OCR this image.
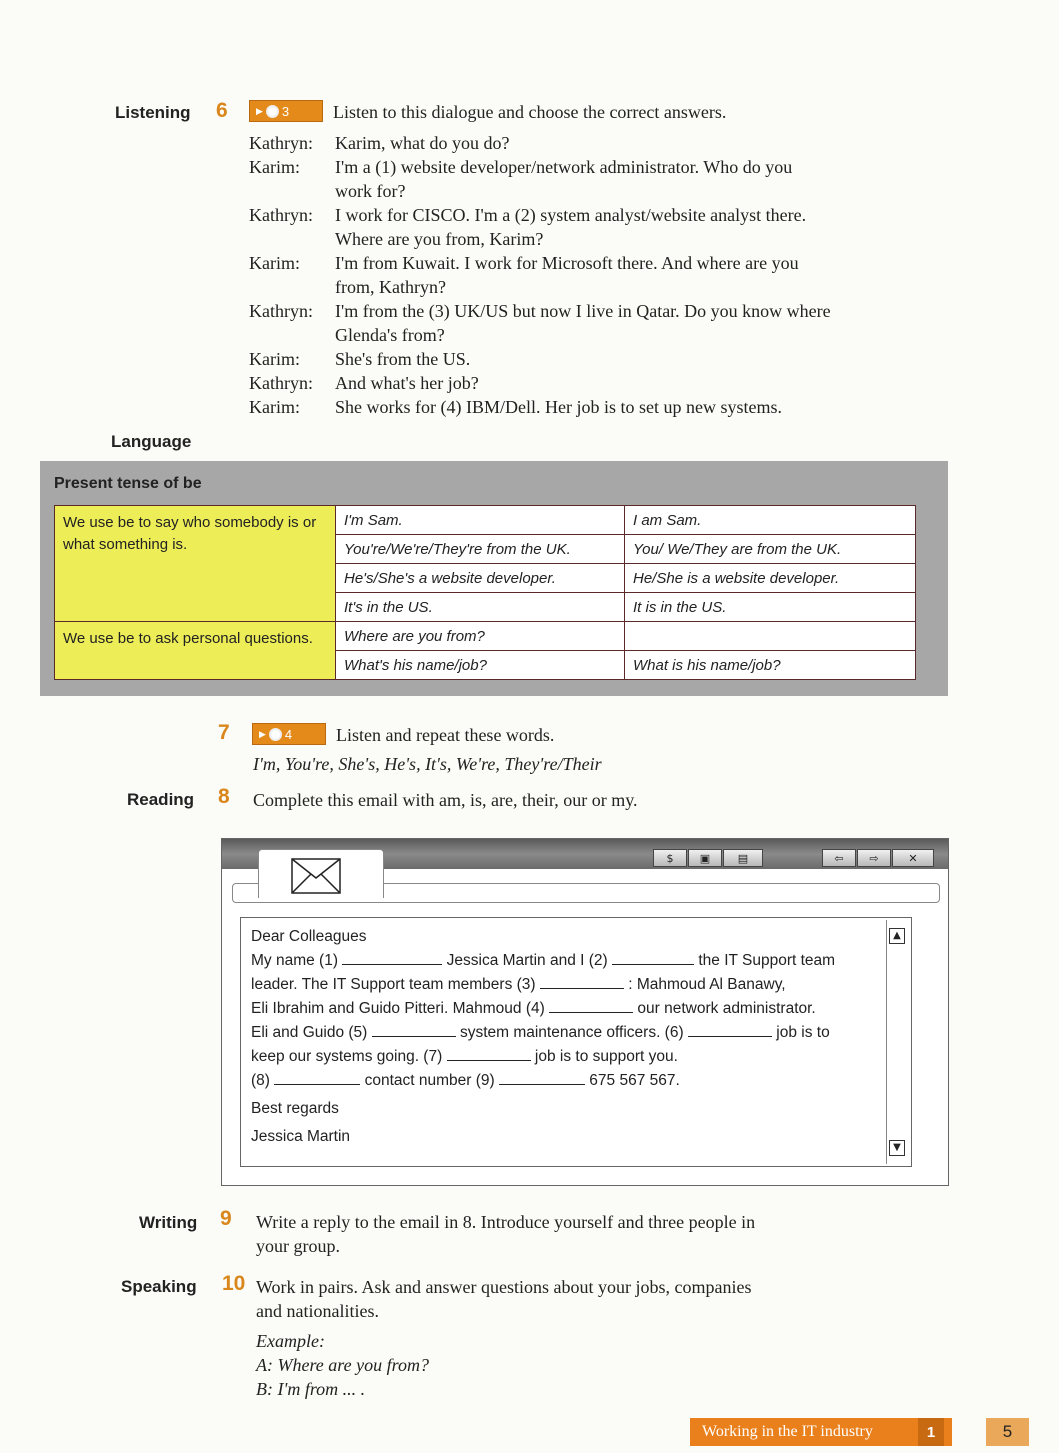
Listening 6	▶ 3 Listen to this dialogue and choose the correct answers.
Kathryn: Karim, what do you do?
Karim: I'm a (1) website developer/network administrator. Who do you
work for?
Kathryn: I work for CISCO. I'm a (2) system analyst/website analyst there.
Where are you from, Karim?
Karim: I'm from Kuwait. I work for Microsoft there. And where are you
from, Kathryn?
Kathryn: I'm from the (3) UK/US but now I live in Qatar. Do you know where
Glenda's from?
Karim: She's from the US.
Kathryn: And what's her job?
Karim: She works for (4) IBM/Dell. Her job is to set up new systems.
Language
Present tense of be
We use be to say who somebody is or what something is.	I'm Sam.	I am Sam.
	You're/We're/They're from the UK.	You/ We/They are from the UK.
	He's/She's a website developer.	He/She is a website developer.
	It's in the US.	It is in the US.
We use be to ask personal questions.	Where are you from?	
	What's his name/job?	What is his name/job?
7	▶ 4 Listen and repeat these words.
I'm, You're, She's, He's, It's, We're, They're/Their
Reading 8 Complete this email with am, is, are, their, our or my.
$	▣	▤	⇦	⇨	✕
Dear Colleagues
My name (1)	Jessica Martin and I (2)	the IT Support team
leader. The IT Support team members (3)	: Mahmoud Al Banawy,
Eli Ibrahim and Guido Pitteri. Mahmoud (4)	our network administrator.
Eli and Guido (5)	system maintenance officers. (6)	job is to
keep our systems going. (7)	job is to support you.
(8)	contact number (9)	675 567 567.
Best regards
Jessica Martin
▲
▼
Writing 9 Write a reply to the email in 8. Introduce yourself and three people in
your group.
Speaking 10 Work in pairs. Ask and answer questions about your jobs, companies
and nationalities.
Example:
A: Where are you from?
B: I'm from ... .
Working in the IT industry	1	5
